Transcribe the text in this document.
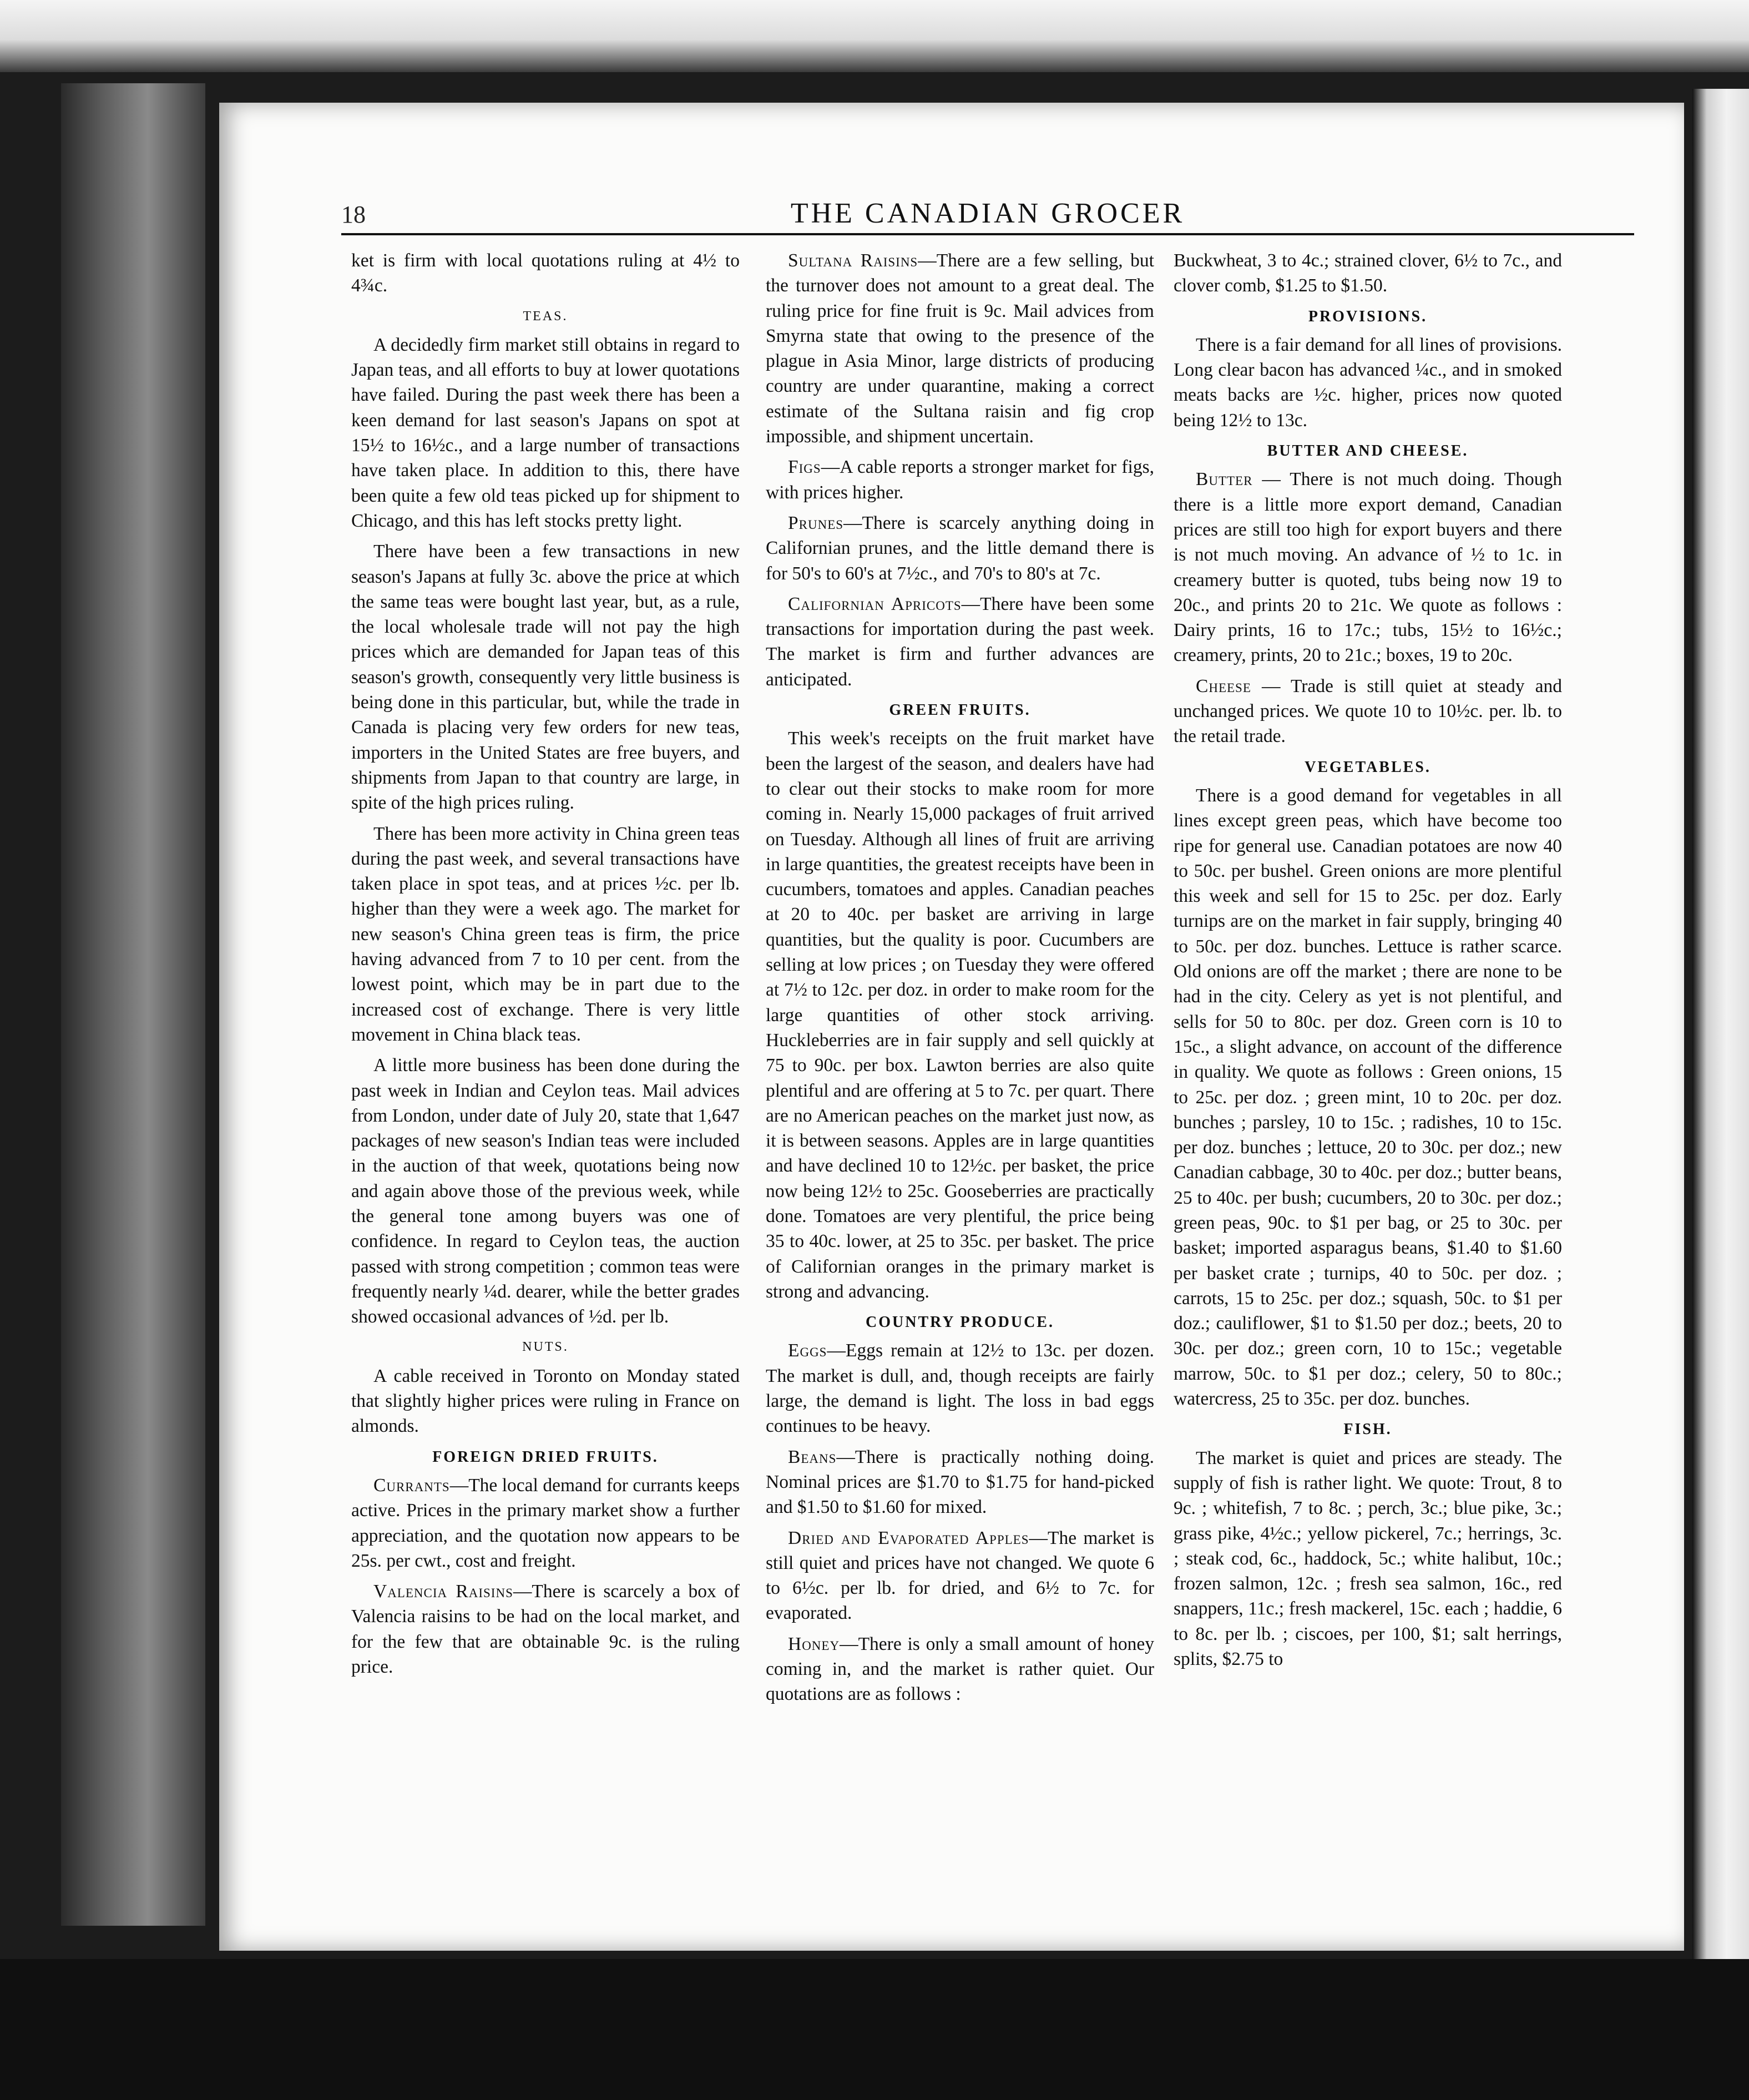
18	THE CANADIAN GROCER

ket is firm with local quotations ruling at 4½ to 4¾c.

TEAS.

A decidedly firm market still obtains in regard to Japan teas, and all efforts to buy at lower quotations have failed. During the past week there has been a keen demand for last season's Japans on spot at 15½ to 16½c., and a large number of transactions have taken place. In addition to this, there have been quite a few old teas picked up for shipment to Chicago, and this has left stocks pretty light.

There have been a few transactions in new season's Japans at fully 3c. above the price at which the same teas were bought last year, but, as a rule, the local wholesale trade will not pay the high prices which are demanded for Japan teas of this season's growth, consequently very little business is being done in this particular, but, while the trade in Canada is placing very few orders for new teas, importers in the United States are free buyers, and shipments from Japan to that country are large, in spite of the high prices ruling.

There has been more activity in China green teas during the past week, and several transactions have taken place in spot teas, and at prices ½c. per lb. higher than they were a week ago. The market for new season's China green teas is firm, the price having advanced from 7 to 10 per cent. from the lowest point, which may be in part due to the increased cost of exchange. There is very little movement in China black teas.

A little more business has been done during the past week in Indian and Ceylon teas. Mail advices from London, under date of July 20, state that 1,647 packages of new season's Indian teas were included in the auction of that week, quotations being now and again above those of the previous week, while the general tone among buyers was one of confidence. In regard to Ceylon teas, the auction passed with strong competition ; common teas were frequently nearly ¼d. dearer, while the better grades showed occasional advances of ½d. per lb.

NUTS.

A cable received in Toronto on Monday stated that slightly higher prices were ruling in France on almonds.

FOREIGN DRIED FRUITS.

Currants—The local demand for currants keeps active. Prices in the primary market show a further appreciation, and the quotation now appears to be 25s. per cwt., cost and freight.

Valencia Raisins—There is scarcely a box of Valencia raisins to be had on the local market, and for the few that are obtainable 9c. is the ruling price.

Sultana Raisins—There are a few selling, but the turnover does not amount to a great deal. The ruling price for fine fruit is 9c. Mail advices from Smyrna state that owing to the presence of the plague in Asia Minor, large districts of producing country are under quarantine, making a correct estimate of the Sultana raisin and fig crop impossible, and shipment uncertain.

Figs—A cable reports a stronger market for figs, with prices higher.

Prunes—There is scarcely anything doing in Californian prunes, and the little demand there is for 50's to 60's at 7½c., and 70's to 80's at 7c.

Californian Apricots—There have been some transactions for importation during the past week. The market is firm and further advances are anticipated.

GREEN FRUITS.

This week's receipts on the fruit market have been the largest of the season, and dealers have had to clear out their stocks to make room for more coming in. Nearly 15,000 packages of fruit arrived on Tuesday. Although all lines of fruit are arriving in large quantities, the greatest receipts have been in cucumbers, tomatoes and apples. Canadian peaches at 20 to 40c. per basket are arriving in large quantities, but the quality is poor. Cucumbers are selling at low prices ; on Tuesday they were offered at 7½ to 12c. per doz. in order to make room for the large quantities of other stock arriving. Huckleberries are in fair supply and sell quickly at 75 to 90c. per box. Lawton berries are also quite plentiful and are offering at 5 to 7c. per quart. There are no American peaches on the market just now, as it is between seasons. Apples are in large quantities and have declined 10 to 12½c. per basket, the price now being 12½ to 25c. Gooseberries are practically done. Tomatoes are very plentiful, the price being 35 to 40c. lower, at 25 to 35c. per basket. The price of Californian oranges in the primary market is strong and advancing.

COUNTRY PRODUCE.

Eggs—Eggs remain at 12½ to 13c. per dozen. The market is dull, and, though receipts are fairly large, the demand is light. The loss in bad eggs continues to be heavy.

Beans—There is practically nothing doing. Nominal prices are $1.70 to $1.75 for hand-picked and $1.50 to $1.60 for mixed.

Dried and Evaporated Apples—The market is still quiet and prices have not changed. We quote 6 to 6½c. per lb. for dried, and 6½ to 7c. for evaporated.

Honey—There is only a small amount of honey coming in, and the market is rather quiet. Our quotations are as follows :

Buckwheat, 3 to 4c.; strained clover, 6½ to 7c., and clover comb, $1.25 to $1.50.

PROVISIONS.

There is a fair demand for all lines of provisions. Long clear bacon has advanced ¼c., and in smoked meats backs are ½c. higher, prices now quoted being 12½ to 13c.

BUTTER AND CHEESE.

Butter — There is not much doing. Though there is a little more export demand, Canadian prices are still too high for export buyers and there is not much moving. An advance of ½ to 1c. in creamery butter is quoted, tubs being now 19 to 20c., and prints 20 to 21c. We quote as follows : Dairy prints, 16 to 17c.; tubs, 15½ to 16½c.; creamery, prints, 20 to 21c.; boxes, 19 to 20c.

Cheese — Trade is still quiet at steady and unchanged prices. We quote 10 to 10½c. per. lb. to the retail trade.

VEGETABLES.

There is a good demand for vegetables in all lines except green peas, which have become too ripe for general use. Canadian potatoes are now 40 to 50c. per bushel. Green onions are more plentiful this week and sell for 15 to 25c. per doz. Early turnips are on the market in fair supply, bringing 40 to 50c. per doz. bunches. Lettuce is rather scarce. Old onions are off the market ; there are none to be had in the city. Celery as yet is not plentiful, and sells for 50 to 80c. per doz. Green corn is 10 to 15c., a slight advance, on account of the difference in quality. We quote as follows : Green onions, 15 to 25c. per doz. ; green mint, 10 to 20c. per doz. bunches ; parsley, 10 to 15c. ; radishes, 10 to 15c. per doz. bunches ; lettuce, 20 to 30c. per doz.; new Canadian cabbage, 30 to 40c. per doz.; butter beans, 25 to 40c. per bush; cucumbers, 20 to 30c. per doz.; green peas, 90c. to $1 per bag, or 25 to 30c. per basket; imported asparagus beans, $1.40 to $1.60 per basket crate ; turnips, 40 to 50c. per doz. ; carrots, 15 to 25c. per doz.; squash, 50c. to $1 per doz.; cauliflower, $1 to $1.50 per doz.; beets, 20 to 30c. per doz.; green corn, 10 to 15c.; vegetable marrow, 50c. to $1 per doz.; celery, 50 to 80c.; watercress, 25 to 35c. per doz. bunches.

FISH.

The market is quiet and prices are steady. The supply of fish is rather light. We quote: Trout, 8 to 9c. ; whitefish, 7 to 8c. ; perch, 3c.; blue pike, 3c.; grass pike, 4½c.; yellow pickerel, 7c.; herrings, 3c. ; steak cod, 6c., haddock, 5c.; white halibut, 10c.; frozen salmon, 12c. ; fresh sea salmon, 16c., red snappers, 11c.; fresh mackerel, 15c. each ; haddie, 6 to 8c. per lb. ; ciscoes, per 100, $1; salt herrings, splits, $2.75 to
